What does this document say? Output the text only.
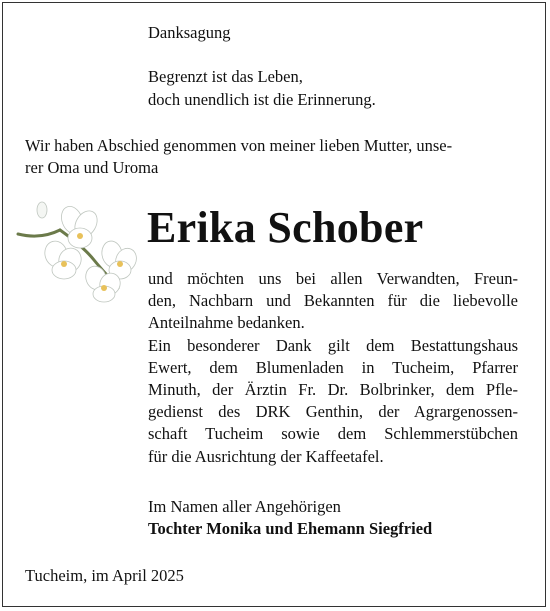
Danksagung
Begrenzt ist das Leben,
doch unendlich ist die Erinnerung.
Wir haben Abschied genommen von meiner lieben Mutter, unse-
rer Oma und Uroma
Erika Schober
und möchten uns bei allen Verwandten, Freun-
den, Nachbarn und Bekannten für die liebevolle
Anteilnahme bedanken.
Ein besonderer Dank gilt dem Bestattungshaus
Ewert, dem Blumenladen in Tucheim, Pfarrer
Minuth, der Ärztin Fr. Dr. Bolbrinker, dem Pfle-
gedienst des DRK Genthin, der Agrargenossen-
schaft Tucheim sowie dem Schlemmerstübchen
für die Ausrichtung der Kaffeetafel.
Im Namen aller Angehörigen
Tochter Monika und Ehemann Siegfried
Tucheim, im April 2025
